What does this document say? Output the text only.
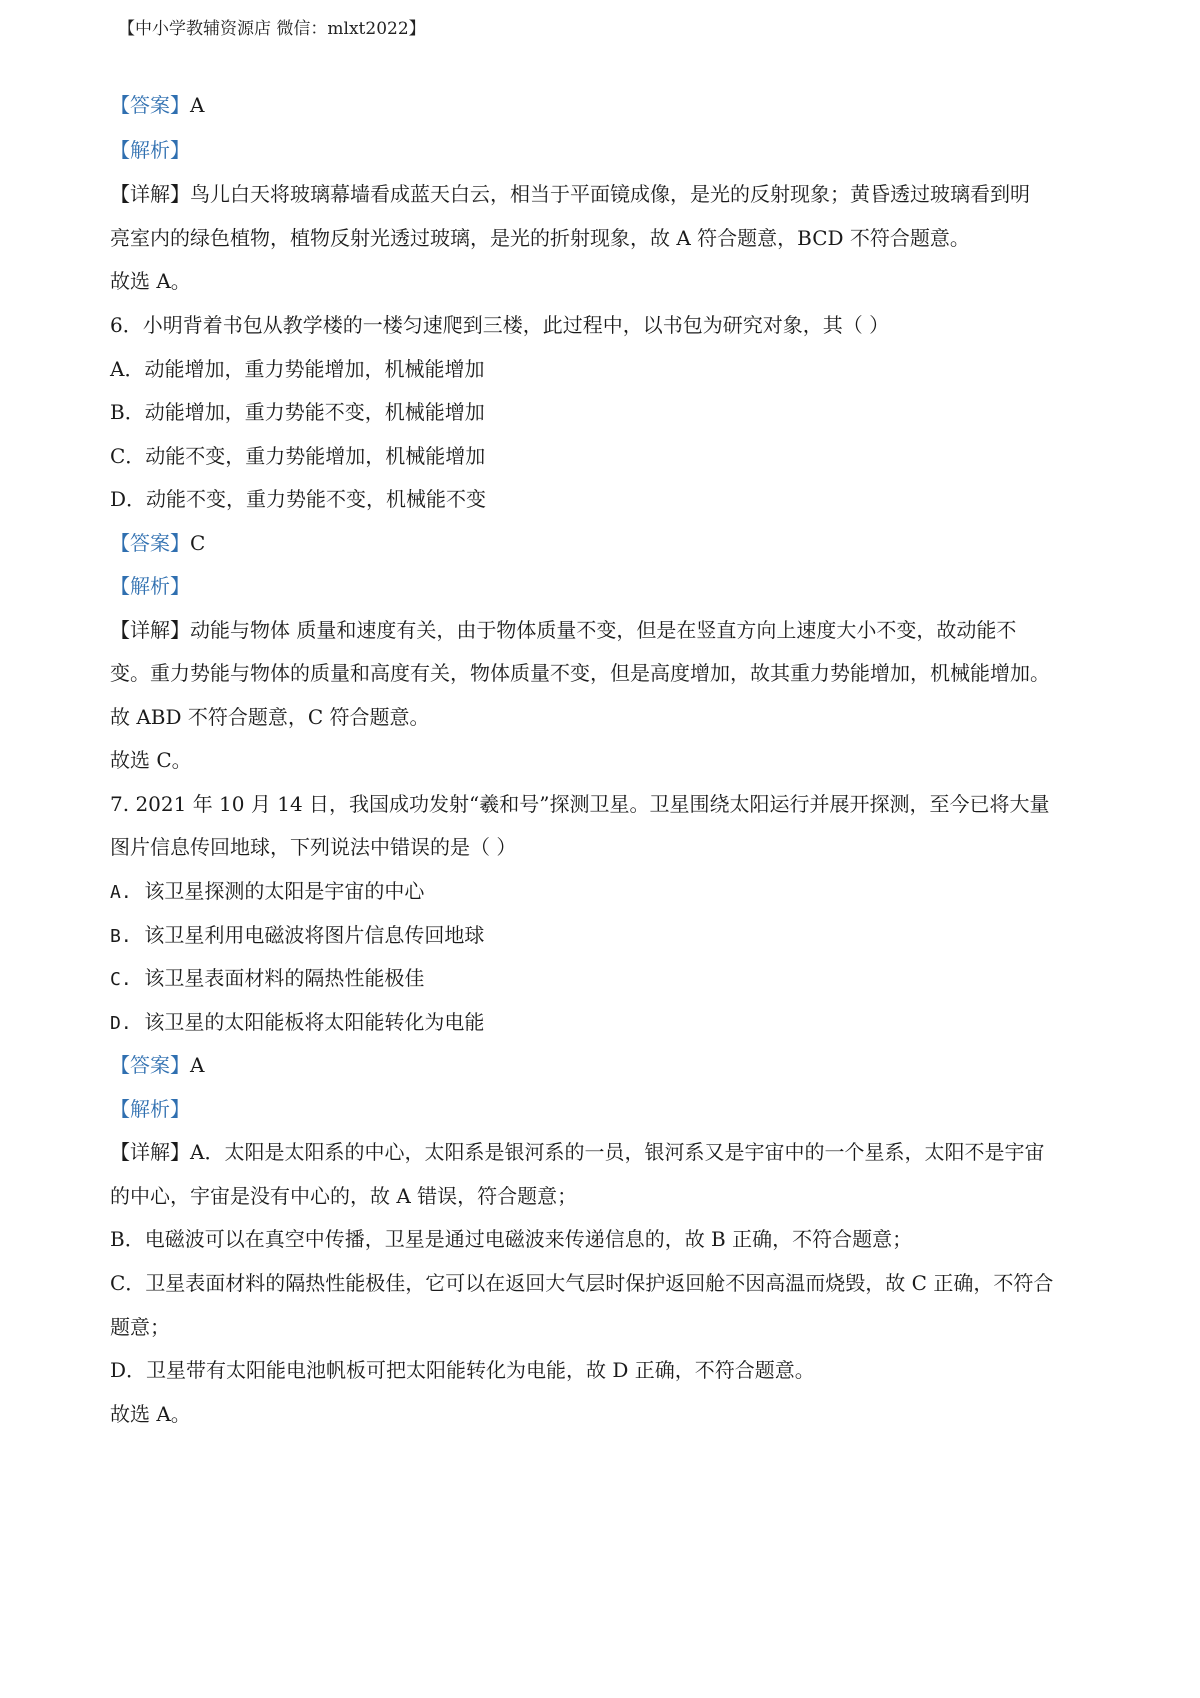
【中小学教辅资源店 微信：mlxt2022】
【答案】A
【解析】
【详解】鸟儿白天将玻璃幕墙看成蓝天白云，相当于平面镜成像，是光的反射现象；黄昏透过玻璃看到明
亮室内的绿色植物，植物反射光透过玻璃，是光的折射现象，故 A 符合题意，BCD 不符合题意。
故选 A。
6．小明背着书包从教学楼的一楼匀速爬到三楼，此过程中，以书包为研究对象，其（ ）
A．动能增加，重力势能增加，机械能增加
B．动能增加，重力势能不变，机械能增加
C．动能不变，重力势能增加，机械能增加
D．动能不变，重力势能不变，机械能不变
【答案】C
【解析】
【详解】动能与物体 质量和速度有关，由于物体质量不变，但是在竖直方向上速度大小不变，故动能不
变。重力势能与物体的质量和高度有关，物体质量不变，但是高度增加，故其重力势能增加，机械能增加。
故 ABD 不符合题意，C 符合题意。
故选 C。
7. 2021 年 10 月 14 日，我国成功发射“羲和号”探测卫星。卫星围绕太阳运行并展开探测，至今已将大量
图片信息传回地球，下列说法中错误的是（ ）
A. 该卫星探测的太阳是宇宙的中心
B. 该卫星利用电磁波将图片信息传回地球
C. 该卫星表面材料的隔热性能极佳
D. 该卫星的太阳能板将太阳能转化为电能
【答案】A
【解析】
【详解】A．太阳是太阳系的中心，太阳系是银河系的一员，银河系又是宇宙中的一个星系，太阳不是宇宙
的中心，宇宙是没有中心的，故 A 错误，符合题意；
B．电磁波可以在真空中传播，卫星是通过电磁波来传递信息的，故 B 正确，不符合题意；
C．卫星表面材料的隔热性能极佳，它可以在返回大气层时保护返回舱不因高温而烧毁，故 C 正确，不符合
题意；
D．卫星带有太阳能电池帆板可把太阳能转化为电能，故 D 正确，不符合题意。
故选 A。
